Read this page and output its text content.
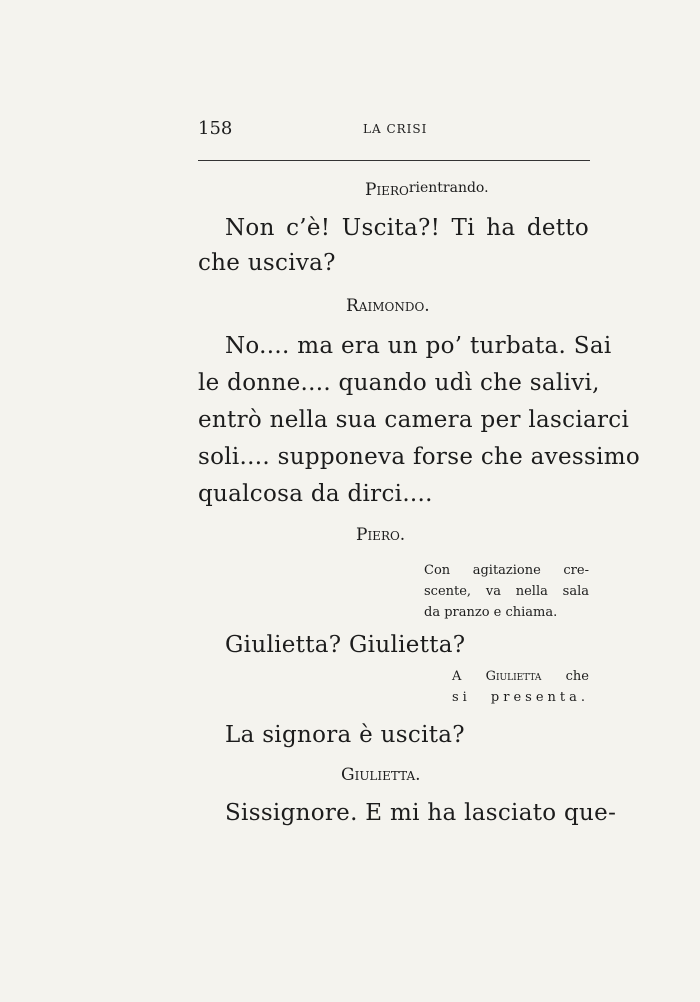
158	LA CRISI
Piero rientrando.
Non c’è! Uscita?! Ti ha detto
che usciva?
Raimondo.
No.... ma era un po’ turbata. Sai
le donne.... quando udì che salivi,
entrò nella sua camera per lasciarci
soli.... supponeva forse che avessimo
qualcosa da dirci....
Piero.
Con agitazione cre-
scente, va nella sala
da pranzo e chiama.
Giulietta? Giulietta?
A Giulietta che
si presenta.
La signora è uscita?
Giulietta.
Sissignore. E mi ha lasciato que-
